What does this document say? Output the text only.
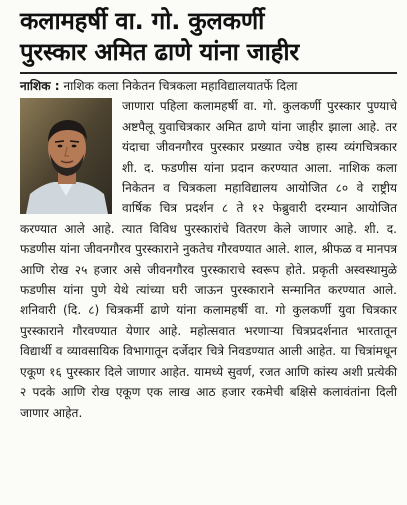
कलामहर्षी वा. गो. कुलकर्णी
पुरस्कार अमित ढाणे यांना जाहीर

नाशिक : नाशिक कला निकेतन चित्रकला महाविद्यालयातर्फे दिला

जाणारा पहिला कलामहर्षी वा. गो. कुलकर्णी पुरस्कार पुण्याचे अष्टपैलू युवाचित्रकार अमित ढाणे यांना जाहीर झाला आहे. तर यंदाचा जीवनगौरव पुरस्कार प्रख्यात ज्येष्ठ हास्य व्यंगचित्रकार शी. द. फडणीस यांना प्रदान करण्यात आला. नाशिक कला निकेतन व चित्रकला महाविद्यालय आयोजित ८० वे राष्ट्रीय वार्षिक चित्र प्रदर्शन ८ ते १२ फेब्रुवारी दरम्यान आयोजित करण्यात आले आहे. त्यात विविध पुरस्कारांचे वितरण केले जाणार आहे. शी. द. फडणीस यांना जीवनगौरव पुरस्काराने नुकतेच गौरवण्यात आले. शाल, श्रीफळ व मानपत्र आणि रोख २५ हजार असे जीवनगौरव पुरस्काराचे स्वरूप होते. प्रकृती अस्वस्थामुळे फडणीस यांना पुणे येथे त्यांच्या घरी जाऊन पुरस्काराने सन्मानित करण्यात आले. शनिवारी (दि. ८) चित्रकर्मी ढाणे यांना कलामहर्षी वा. गो कुलकर्णी युवा चित्रकार पुरस्काराने गौरवण्यात येणार आहे. महोत्सवात भरणाऱ्या चित्रप्रदर्शनात भारतातून विद्यार्थी व व्यावसायिक विभागातून दर्जेदार चित्रे निवडण्यात आली आहेत. या चित्रांमधून एकूण १६ पुरस्कार दिले जाणार आहेत. यामध्ये सुवर्ण, रजत आणि कांस्य अशी प्रत्येकी २ पदके आणि रोख एकूण एक लाख आठ हजार रकमेची बक्षिसे कलावंतांना दिली जाणार आहेत.
